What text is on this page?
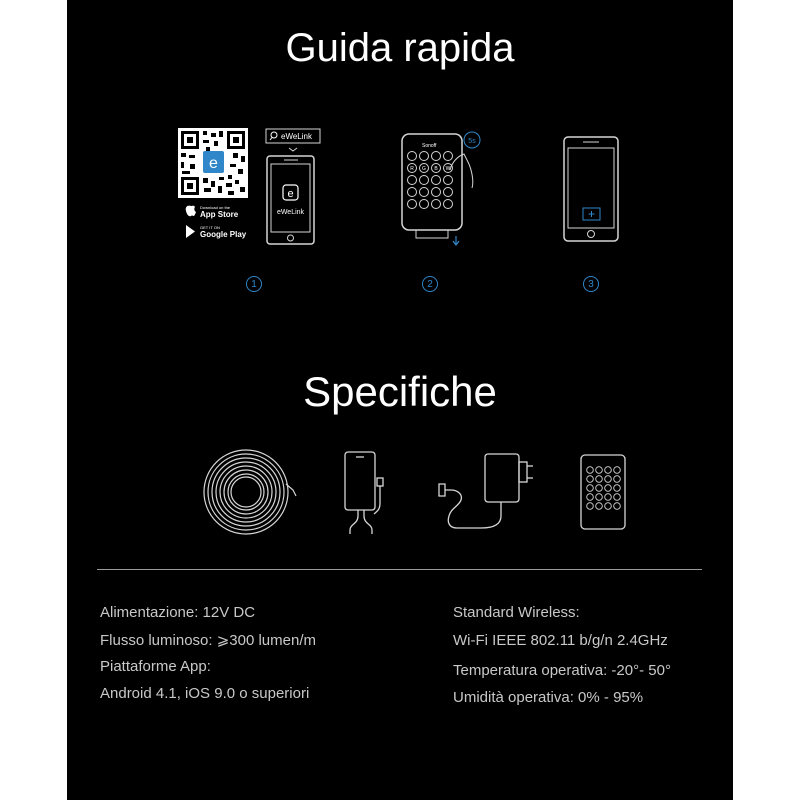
Guida rapida
e
Download on the
App Store
GET IT ON
Google Play
eWeLink
e
eWeLink
Sonoff
R G B W
5s
1	2	3
Specifiche
Alimentazione: 12V DC
Flusso luminoso: ⩾300 lumen/m
Piattaforme App:
Android 4.1, iOS 9.0 o superiori
Standard Wireless:
Wi-Fi IEEE 802.11 b/g/n 2.4GHz
Temperatura operativa: -20°- 50°
Umidità operativa: 0% - 95%
